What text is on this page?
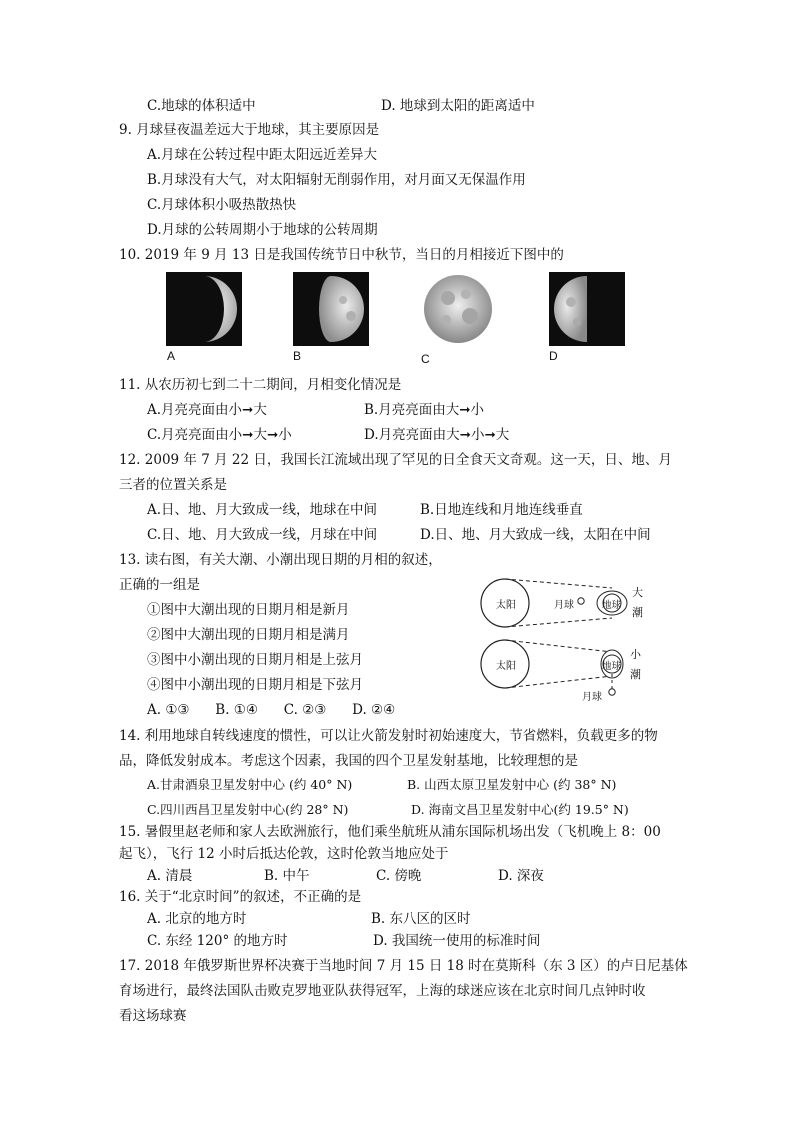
C.地球的体积适中	D. 地球到太阳的距离适中
9. 月球昼夜温差远大于地球，其主要原因是
A.月球在公转过程中距太阳远近差异大
B.月球没有大气，对太阳辐射无削弱作用，对月面又无保温作用
C.月球体积小吸热散热快
D.月球的公转周期小于地球的公转周期
10. 2019 年 9 月 13 日是我国传统节日中秋节，当日的月相接近下图中的
A	B	C	D
11. 从农历初七到二十二期间，月相变化情况是
A.月亮亮面由小➞大	B.月亮亮面由大➞小
C.月亮亮面由小➞大➞小	D.月亮亮面由大➞小➞大
12. 2009 年 7 月 22 日，我国长江流域出现了罕见的日全食天文奇观。这一天，日、地、月
三者的位置关系是
A.日、地、月大致成一线，地球在中间	B.日地连线和月地连线垂直
C.日、地、月大致成一线，月球在中间	D.日、地、月大致成一线，太阳在中间
13. 读右图，有关大潮、小潮出现日期的月相的叙述，
正确的一组是
①图中大潮出现的日期月相是新月
②图中大潮出现的日期月相是满月
③图中小潮出现的日期月相是上弦月
④图中小潮出现的日期月相是下弦月
A. ①③      B. ①④      C. ②③      D. ②④
太阳	月球	地球
大
潮
太阳	地球
小
潮
月球
14. 利用地球自转线速度的惯性，可以让火箭发射时初始速度大，节省燃料，负载更多的物
品，降低发射成本。考虑这个因素，我国的四个卫星发射基地，比较理想的是
A.甘肃酒泉卫星发射中心 (约 40° N)	B. 山西太原卫星发射中心 (约 38° N)
C.四川西昌卫星发射中心(约 28° N)	D. 海南文昌卫星发射中心(约 19.5° N)
15. 暑假里赵老师和家人去欧洲旅行，他们乘坐航班从浦东国际机场出发（飞机晚上 8：00
起飞），飞行 12 小时后抵达伦敦，这时伦敦当地应处于
A. 清晨	B. 中午	C. 傍晚	D. 深夜
16. 关于“北京时间”的叙述，不正确的是
A. 北京的地方时	B. 东八区的区时
C. 东经 120° 的地方时	D. 我国统一使用的标准时间
17. 2018 年俄罗斯世界杯决赛于当地时间 7 月 15 日 18 时在莫斯科（东 3 区）的卢日尼基体
育场进行，最终法国队击败克罗地亚队获得冠军，上海的球迷应该在北京时间几点钟时收
看这场球赛
